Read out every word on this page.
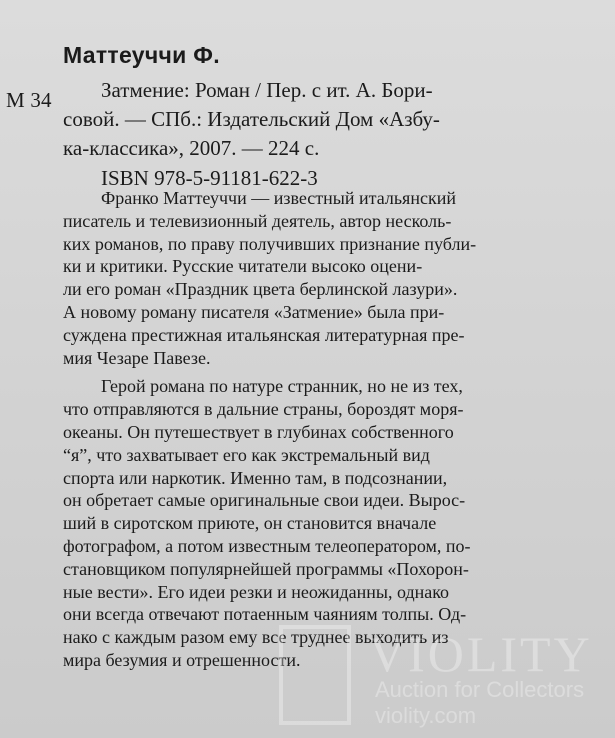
М 34
Маттеуччи Ф.
Затмение: Роман / Пер. с ит. А. Бори-
совой. — СПб.: Издательский Дом «Азбу-
ка-классика», 2007. — 224 с.
ISBN 978-5-91181-622-3
Франко Маттеуччи — известный итальянский
писатель и телевизионный деятель, автор несколь-
ких романов, по праву получивших признание публи-
ки и критики. Русские читатели высоко оцени-
ли его роман «Праздник цвета берлинской лазури».
А новому роману писателя «Затмение» была при-
суждена престижная итальянская литературная пре-
мия Чезаре Павезе.
Герой романа по натуре странник, но не из тех,
что отправляются в дальние страны, бороздят моря-
океаны. Он путешествует в глубинах собственного
“я”, что захватывает его как экстремальный вид
спорта или наркотик. Именно там, в подсознании,
он обретает самые оригинальные свои идеи. Вырос-
ший в сиротском приюте, он становится вначале
фотографом, а потом известным телеоператором, по-
становщиком популярнейшей программы «Похорон-
ные вести». Его идеи резки и неожиданны, однако
они всегда отвечают потаенным чаяниям толпы. Од-
нако с каждым разом ему все труднее выходить из
мира безумия и отрешенности.	VIOLITY
Auction for Collectors
violity.com
